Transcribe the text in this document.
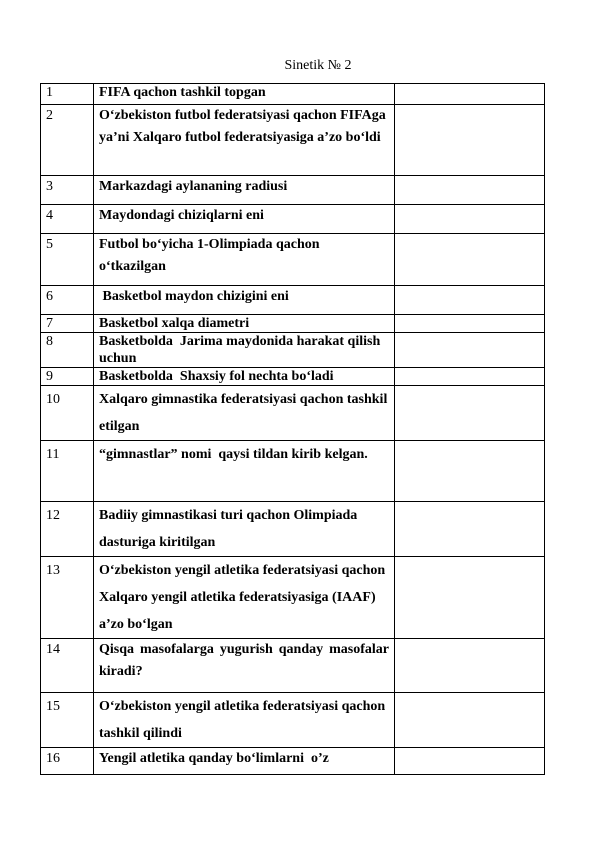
Sinetik № 2
1	FIFA qachon tashkil topgan	
2	O‘zbekiston futbol federatsiyasi qachon FIFAga ya’ni Xalqaro futbol federatsiyasiga a’zo bo‘ldi	
3	Markazdagi aylananing radiusi	
4	Maydondagi chiziqlarni eni	
5	Futbol bo‘yicha 1-Olimpiada qachon o‘tkazilgan	
6	Basketbol maydon chizigini eni	
7	Basketbol xalqa diametri	
8	Basketbolda  Jarima maydonida harakat qilish uchun	
9	Basketbolda  Shaxsiy fol nechta bo‘ladi	
10	Xalqaro gimnastika federatsiyasi qachon tashkil etilgan	
11	“gimnastlar” nomi  qaysi tildan kirib kelgan.	
12	Badiiy gimnastikasi turi qachon Olimpiada dasturiga kiritilgan	
13	O‘zbekiston yengil atletika federatsiyasi qachon Xalqaro yengil atletika federatsiyasiga (IAAF) a’zo bo‘lgan	
14	Qisqa masofalarga yugurish qanday masofalar kiradi?	
15	O‘zbekiston yengil atletika federatsiyasi qachon tashkil qilindi	
16	Yengil atletika qanday bo‘limlarni  o’z	
